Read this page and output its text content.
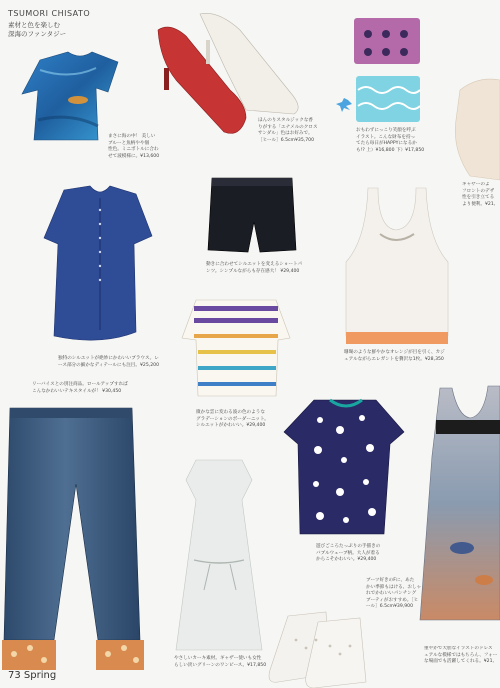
TSUMORI CHISATO
素材と色を楽しむ
深海のファンタジー
まさに海の中！ 美しい
ブルーと魚柄やや個
性色。ミニボトルに合わ
せて波模様に。¥13,600
ほんのりスタルジックな香
りがする「エナメルのクロス
サンダル」色はお好みで。
［ヒール］6.5cm¥35,700
おもわずにっこり笑顔を呼ぶ
イラスト。こんな財布を持っ
てたら毎日がHAPPYになるか
も!? 上）¥16,800 下）¥17,850
ギャザーのよ
フロントのデザ
性を引き立てる
より便利。¥21,
動きに合わせてシルエットを変えるショートパ
ンツ。シンプルながらも存在感大！ ¥29,400
珊瑚のような鮮やかなオレンジが目を引く、カジ
ュアルながらエレガントを贅沢な1枚。¥28,350
独特のシルエットが絶妙にかわいいブラウス。レ
ース部分の細かなディテールにも注目。¥25,200
リーバイスとの別注商品。ロールアップすれば
こんなかわいいテキスタイルが！ ¥30,450
微かな雲に変わる波の色のような
グラデーションのボーダーニット。
シルエットがかわいい。¥29,400
遊びごころたっぷりの手描きの
バブルウェーブ柄。大人が着る
からこそかわいい。¥29,400
ブーツ好きのFに、あた
かい季節もはける、おしゃ
れでかわいいパンチング
ブーティがおすすめ。［ヒ
ール］6.5cm¥39,900
やさしいカーキ素材。ギャザー使いも女性
らしい淡いグリーンのワンピース。¥17,850
重やかで大胆なイラストのドレス
ュアルな模様ではもちろん、フォー
な場面でも活躍してくれる。¥21,
73 Spring
